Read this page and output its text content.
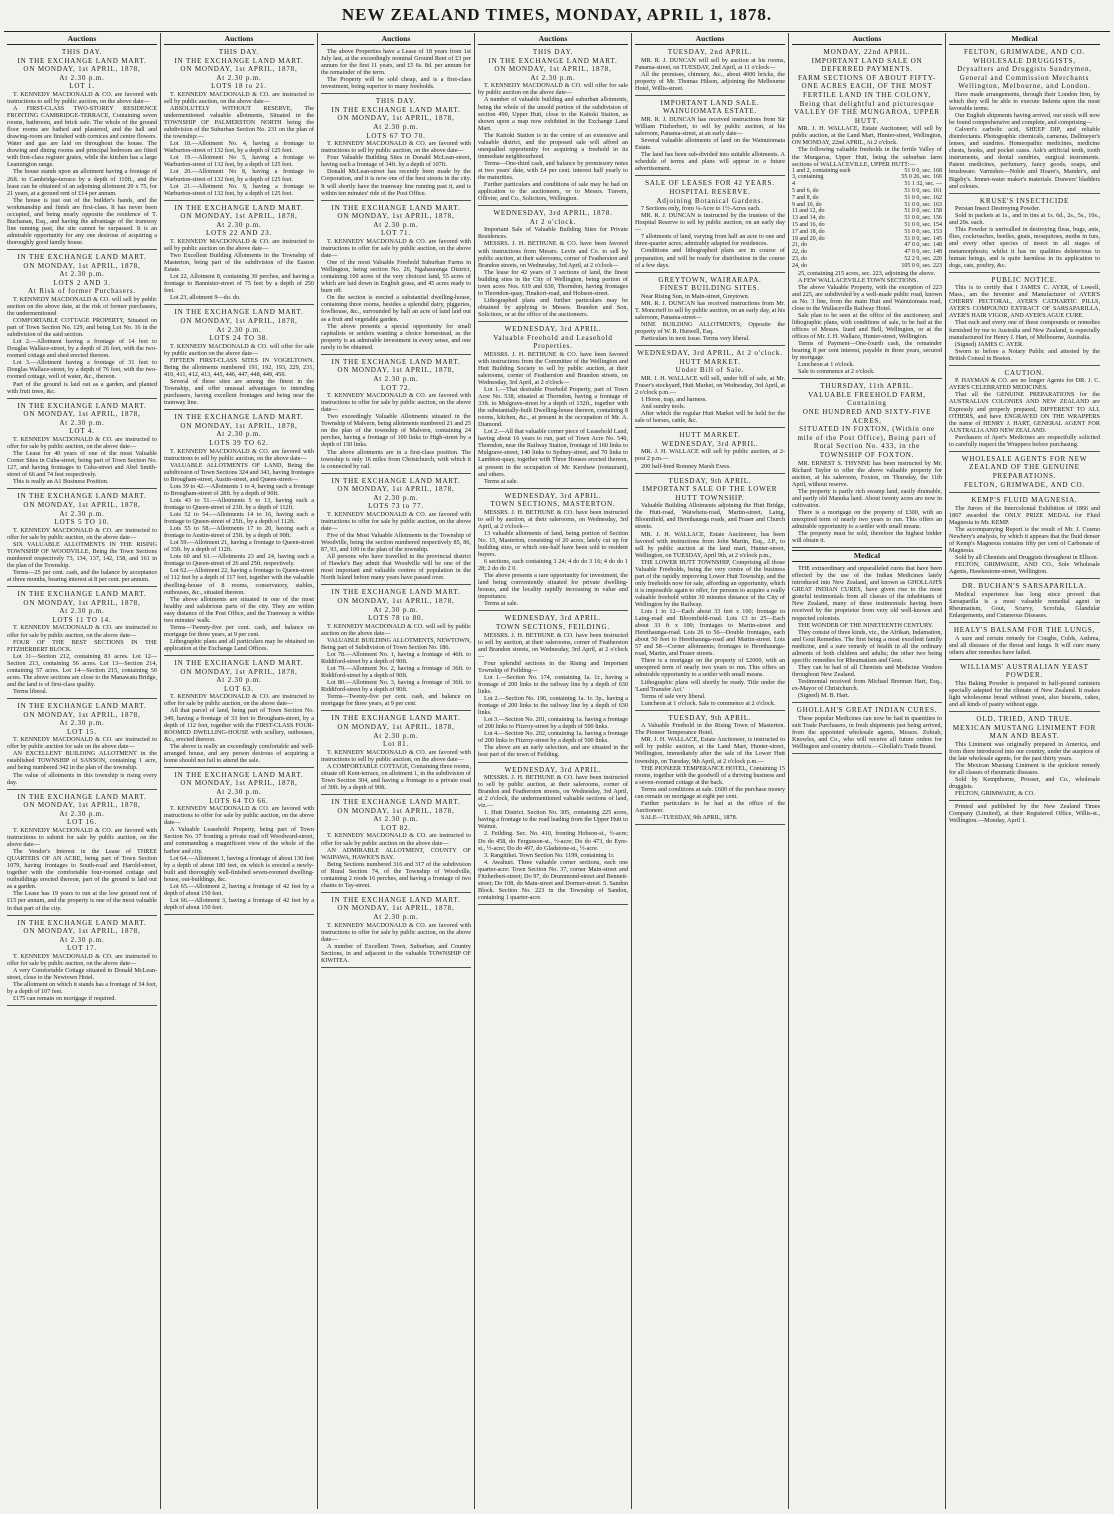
NEW ZEALAND TIMES, MONDAY, APRIL 1, 1878.
Auctions

THIS DAY.

IN THE EXCHANGE LAND MART.

ON MONDAY, 1st APRIL, 1878,

At 2.30 p.m.

LOT 1.

T. KENNEDY MACDONALD & CO. are favored with instructions to sell by public auction, on the above date—

A FIRST-CLASS TWO-STOREY RESIDENCE FRONTING CAMBRIDGE-TERRACE, Containing seven rooms, bathroom, and brick safe. The whole of the ground floor rooms are bathed and plastered, and the hall and drawing-room are finished with cornices and centre flowers. Water and gas are laid on throughout the house. The drawing and dining rooms and principal bedroom are fitted with first-class register grates, while the kitchen has a large Leamington range.

The house stands upon an allotment having a frontage of 26ft. to Cambridge-terrace by a depth of 110ft., and the lease can be obtained of an adjoining allotment 20 x 75, for 21 years, at a ground rent of £14 per annum.

The house is just out of the builder's hands, and the workmanship and finish are first-class. It has never been occupied, and being nearly opposite the residence of T. Buchanan, Esq., and having the advantage of the tramway line running past, the site cannot be surpassed. It is an admirable opportunity for any one desirous of acquiring a thoroughly good family house.

IN THE EXCHANGE LAND MART.

ON MONDAY, 1st APRIL, 1878,

At 2.30 p.m.

LOTS 2 AND 3.

At Risk of former Purchasers.

T. KENNEDY MACDONALD & CO. will sell by public auction on the above date, at the risk of former purchasers, the undermentioned

COMFORTABLE COTTAGE PROPERTY, Situated on part of Town Section No. 129, and being Lot No. 16 in the subdivision of the said section.

Lot 2.—Allotment having a frontage of 14 feet to Douglas Wallace-street, by a depth of 26 feet, with the two-roomed cottage and shed erected thereon.

Lot 3.—Allotment having a frontage of 31 feet to Douglas Wallace-street, by a depth of 76 feet, with the two-roomed cottage, well of water, &c., thereon.

Part of the ground is laid out as a garden, and planted with fruit trees, &c.

IN THE EXCHANGE LAND MART.

ON MONDAY, 1st APRIL, 1878,

At 2.30 p.m.

LOT 4.

T. KENNEDY MACDONALD & CO. are instructed to offer for sale by public auction, on the above date—

The Lease for 40 years of one of the most Valuable Corner Sites in Cuba-street, being part of Town Section No. 127, and having frontages to Cuba-street and Abel Smith-street of 66 and 74 feet respectively.

This is really an A1 Business Position.

IN THE EXCHANGE LAND MART.

ON MONDAY, 1st APRIL, 1878,

At 2.30 p.m.

LOTS 5 TO 10.

T. KENNEDY MACDONALD & CO. are instructed to offer for sale by public auction, on the above date—

SIX VALUABLE ALLOTMENTS IN THE RISING TOWNSHIP OF WOODVILLE, Being the Town Sections numbered respectively 73, 134, 137, 142, 158, and 161 in the plan of the Township.

Terms—25 per cent. cash, and the balance by acceptance at three months, bearing interest at 8 per cent. per annum.

IN THE EXCHANGE LAND MART.

ON MONDAY, 1st APRIL, 1878,

At 2.30 p.m.

LOTS 11 TO 14.

T. KENNEDY MACDONALD & CO. are instructed to offer for sale by public auction, on the above date—

FOUR OF THE BEST SECTIONS IN THE FITZHERBERT BLOCK.

Lot 11—Section 212, containing 83 acres. Lot 12—Section 213, containing 56 acres. Lot 13—Section 214, containing 57 acres. Lot 14—Section 215, containing 50 acres. The above sections are close to the Manawatu Bridge, and the land is of first-class quality.

Terms liberal.

IN THE EXCHANGE LAND MART.

ON MONDAY, 1st APRIL, 1878,

At 2.30 p.m.

LOT 15.

T. KENNEDY MACDONALD & CO. are instructed to offer by public auction for sale on the above date—

AN EXCELLENT BUILDING ALLOTMENT in the established TOWNSHIP of SANSON, containing 1 acre, and being numbered 342 in the plan of the township.

The value of allotments in this township is rising every day.

IN THE EXCHANGE LAND MART.

ON MONDAY, 1st APRIL, 1878,

At 2.30 p.m.

LOT 16.

T. KENNEDY MACDONALD & CO. are favored with instructions to submit for sale by public auction, on the above date—

The Vendor's Interest in the Lease of THREE QUARTERS OF AN ACRE, being part of Town Section 1079, having frontages to South-road and Harold-street, together with the comfortable four-roomed cottage and outbuildings erected thereon, part of the ground is laid out as a garden.

The Lease has 19 years to run at the low ground rent of £15 per annum, and the property is one of the most valuable in that part of the city.

IN THE EXCHANGE LAND MART.

ON MONDAY, 1st APRIL, 1878,

At 2.30 p.m.

LOT 17.

T. KENNEDY MACDONALD & CO. are instructed to offer for sale by public auction, on the above date—

A very Comfortable Cottage situated in Donald McLean-street, close to the Newtown Hotel.

The allotment on which it stands has a frontage of 34 feet, by a depth of 107 feet.

£175 can remain on mortgage if required.

Auctions

THIS DAY.

IN THE EXCHANGE LAND MART.

ON MONDAY, 1st APRIL, 1878,

At 2.30 p.m.

LOTS 18 to 21.

T. KENNEDY MACDONALD & CO. are instructed to sell by public auction, on the above date—

ABSOLUTELY WITHOUT RESERVE, The undermentioned valuable allotments, Situated in the TOWNSHIP OF PALMERSTON NORTH being the subdivision of the Suburban Section No. 231 on the plan of the township:—

Lot 18.—Allotment No. 4, having a frontage to Warburton-street of 132 feet, by a depth of 125 feet.

Lot 19.—Allotment No 5, having a frontage to Warburton-street of 132 feet, by a depth of 125 feet.

Lot 20.—Allotment No 8, having a frontage to Warburton-street of 132 feet, by a depth of 125 feet.

Lot 21.—Allotment No. 9, having a frontage to Warburton-street of 132 feet, by a depth of 125 feet.

IN THE EXCHANGE LAND MART.

ON MONDAY, 1st APRIL, 1878,

At 2.30 p.m.

LOTS 22 AND 23.

T. KENNEDY MACDONALD & CO. are instructed to sell by public auction on the above date—

Two Excellent Building Allotments in the Township of Masterton, being part of the subdivision of the Easton Estate.

Lot 22, Allotment 8, containing 30 perches, and having a frontage to Bannister-street of 75 feet by a depth of 250 feet.

Lot 23, allotment 9—do. do.

IN THE EXCHANGE LAND MART.

ON MONDAY, 1st APRIL, 1878,

At 2.30 p.m.

LOTS 24 TO 38.

T. KENNEDY MACDONALD & CO. will offer for sale by public auction on the above date—

FIFTEEN FIRST-CLASS SITES IN VOGELTOWN. Being the allotments numbered 191, 192, 193, 229, 231, 410, 411, 412, 413, 445, 446, 447, 448, 449, 450.

Several of these sites are among the finest in the Township, and offer unusual advantages to intending purchasers, having excellent frontages and being near the tramway line.

IN THE EXCHANGE LAND MART.

ON MONDAY, 1st APRIL, 1878,

At 2.30 p.m.

LOTS 39 TO 62.

T. KENNEDY MACDONALD & CO. are favored with instructions to sell by public auction, on the above date—

VALUABLE ALLOTMENTS OF LAND, Being the subdivision of Town Sections 324 and 343, having frontages to Brougham-street, Austin-street, and Queen-street—

Lots 39 to 42.—Allotments 1 to 4, having each a frontage to Brougham-street of 28ft. by a depth of 90ft.

Lots 43 to 51.—Allotments 5 to 13, having each a frontage to Queen-street of 23ft. by a depth of 112ft.

Lots 52 to 54.—Allotments 14 to 16, having each a frontage to Queen-street of 25ft., by a depth of 112ft.

Lots 55 to 58.—Allotments 17 to 20, having each a frontage to Austin-street of 25ft. by a depth of 90ft.

Lot 59.—Allotment 21, having a frontage to Queen-street of 33ft. by a depth of 112ft.

Lots 60 and 61.—Allotments 23 and 24, having each a frontage to Queen-street of 26 and 25ft. respectively.

Lot 62.—Allotment 22, having a frontage to Queen-street of 112 feet by a depth of 117 feet, together with the valuable dwelling-house of 8 rooms, conservatory, stables, outhouses, &c., situated thereon.

The above allotments are situated in one of the most healthy and salubrious parts of the city. They are within easy distance of the Post Office, and the Tramway is within two minutes' walk.

Terms—Twenty-five per cent. cash, and balance on mortgage for three years, at 9 per cent.

Lithographic plans and all particulars may be obtained on application at the Exchange Land Offices.

IN THE EXCHANGE LAND MART.

ON MONDAY, 1st APRIL, 1878,

At 2.30 p.m.

LOT 63.

T. KENNEDY MACDONALD & CO. are instructed to offer for sale by public auction, on the above date—

All that parcel of land, being part of Town Section No. 349, having a frontage of 33 feet to Brougham-street, by a depth of 112 feet, together with the FIRST-CLASS FOUR-ROOMED DWELLING-HOUSE with scullery, outhouses, &c., erected thereon.

The above is really an exceedingly comfortable and well-arranged house, and any person desirous of acquiring a home should not fail to attend the sale.

IN THE EXCHANGE LAND MART.

ON MONDAY, 1st APRIL, 1878,

At 2.30 p.m.

LOTS 64 TO 66.

T. KENNEDY MACDONALD & CO. are favored with instructions to offer for sale by public auction, on the above date—

A Valuable Leasehold Property, being part of Town Section No. 37 fronting a private road off Woodward-street, and commanding a magnificent view of the whole of the harbor and city.

Lot 64.—Allotment 1, having a frontage of about 130 feet by a depth of about 180 feet, on which is erected a newly-built and thoroughly well-finished seven-roomed dwelling-house, out-buildings, &c.

Lot 65.—Allotment 2, having a frontage of 42 feet by a depth of about 150 feet.

Lot 66.—Allotment 3, having a frontage of 42 feet by a depth of about 150 feet.

Auctions

The above Properties have a Lease of 18 years from 1st July last, at the exceedingly nominal Ground Rent of £3 per annum for the first 11 years, and £5 6s. 8d. per annum for the remainder of the term.

The Property will be sold cheap, and is a first-class investment, being superior to many freeholds.

THIS DAY.

IN THE EXCHANGE LAND MART.

ON MONDAY, 1st APRIL, 1878,

At 2.30 p.m.

LOTS 67 TO 70.

T. KENNEDY MACDONALD & CO. are favored with instructions to sell by public auction, on the above date—

Four Valuable Building Sites in Donald McLean-street, having each a frontage of 34ft. by a depth of 107ft.

Donald McLean-street has recently been made by the Corporation, and it is now one of the best streets in the city. It will shortly have the tramway line running past it, and is within ten minutes' ride of the Post Office.

IN THE EXCHANGE LAND MART.

ON MONDAY, 1st APRIL, 1878,

At 2.30 p.m.

LOT 71.

T. KENNEDY MACDONALD & CO. are favored with instructions to offer for sale by public auction, on the above date—

One of the most Valuable Freehold Suburban Farms in Wellington, being section No. 26, Ngahauranga District, containing 100 acres of the very choicest land, 55 acres of which are laid down in English grass, and 45 acres ready to burn off.

On the section is erected a substantial dwelling-house, containing three rooms, besides a splendid dairy, piggeries, fowlhouse, &c., surrounded by half an acre of land laid out as a fruit and vegetable garden.

The above presents a special opportunity for small capitalists or settlers wanting a choice homestead, as the property is an admirable investment in every sense, and one rarely to be obtained.

IN THE EXCHANGE LAND MART.

ON MONDAY, 1st APRIL, 1878,

At 2.30 p.m.

LOT 72.

T. KENNEDY MACDONALD & CO. are favored with instructions to offer for sale by public auction, on the above date—

Two exceedingly Valuable Allotments situated in the Township of Malvern, being allotments numbered 21 and 25 on the plan of the township of Malvern, containing 24 perches, having a frontage of 100 links to High-street by a depth of 150 links.

The above allotments are in a first-class position. The township is only 16 miles from Christchurch, with which it is connected by rail.

IN THE EXCHANGE LAND MART.

ON MONDAY, 1st APRIL, 1878,

At 2.30 p.m.

LOTS 73 to 77.

T. KENNEDY MACDONALD & CO. are favored with instructions to offer for sale by public auction, on the above date—

Five of the Most Valuable Allotments in the Township of Woodville, being the section numbered respectively 85, 86, 87, 93, and 100 in the plan of the township.

All persons who have travelled in the provincial district of Hawke's Bay admit that Woodville will be one of the most important and valuable centres of population in the North Island before many years have passed over.

IN THE EXCHANGE LAND MART.

ON MONDAY, 1st APRIL, 1878,

At 2.30 p.m.

LOTS 78 to 80.

T. KENNEDY MACDONALD & CO. will sell by public auction on the above date—

VALUABLE BUILDING ALLOTMENTS, NEWTOWN, Being part of Subdivision of Town Section No. 186.

Lot 78.—Allotment No. 1, having a frontage of 46ft. to Riddiford-street by a depth of 90ft.

Lot 79.—Allotment No. 2, having a frontage of 36ft. to Riddiford-street by a depth of 90ft.

Lot 80.—Allotment No. 3, having a frontage of 36ft. to Riddiford-street by a depth of 90ft.

Terms—Twenty-five per cent. cash, and balance on mortgage for three years, at 9 per cent.

IN THE EXCHANGE LAND MART.

ON MONDAY, 1st APRIL, 1878,

At 2.30 p.m.

Lot 81.

T. KENNEDY MACDONALD & CO. are favored with instructions to sell by public auction, on the above date—

A COMFORTABLE COTTAGE, Containing three rooms, situate off Kent-terrace, on allotment 1, in the subdivision of Town Section 304, and having a frontage to a private road of 30ft. by a depth of 90ft.

IN THE EXCHANGE LAND MART.

ON MONDAY, 1st APRIL, 1878,

At 2.30 p.m.

LOT 82.

T. KENNEDY MACDONALD & CO. are instructed to offer for sale by public auction on the above date—

AN ADMIRABLE ALLOTMENT, COUNTY OF WAIPAWA, HAWKE'S BAY.

Being Sections numbered 316 and 317 of the subdivision of Rural Section 74, of the Township of Woodville, containing 2 roods 16 perches, and having a frontage of two chains to Tay-street.

IN THE EXCHANGE LAND MART.

ON MONDAY, 1st APRIL, 1878,

At 2.30 p.m.

T. KENNEDY MACDONALD & CO. are favored with instructions to offer for sale by public auction, on the above date—

A number of Excellent Town, Suburban, and Country Sections, in and adjacent to the valuable TOWNSHIP OF KIWITEA.

Auctions

THIS DAY.

IN THE EXCHANGE LAND MART.

ON MONDAY, 1st APRIL, 1878,

At 2.30 p.m.

T. KENNEDY MACDONALD & CO. will offer for sale by public auction on the above date—

A number of valuable building and suburban allotments, being the whole of the unsold portion of the subdivision of section 490, Upper Hutt, close to the Kaitoki Station, as shown upon a map now exhibited in the Exchange Land Mart.

The Kaitoki Station is in the centre of an extensive and valuable district, and the proposed sale will afford an unequalled opportunity for acquiring a freehold in its immediate neighbourhood.

Terms—One-third cash, and balance by promissory notes at two years' date, with £4 per cent. interest half yearly to the maturities.

Further particulars and conditions of sale may be had on application to the auctioneers, or to Messrs. Travers, Ollivier, and Co., Solicitors, Wellington.

WEDNESDAY, 3rd APRIL, 1878.

At 2 o'clock.

Important Sale of Valuable Building Sites for Private Residences.

MESSRS. J. H. BETHUNE & CO. have been favored with instructions from Messrs. Levin and Co. to sell by public auction, at their salerooms, corner of Featherston and Brandon streets, on Wednesday, 3rd April, at 2 o'clock—

The lease for 42 years of 3 sections of land, the finest building sites in the City of Wellington, being portion of town acres Nos. 619 and 630, Thorndon, having frontages to Thorndon-quay, Tinakori-road, and Hobson-street.

Lithographed plans and further particulars may be obtained by applying to Messrs. Brandon and Son, Solicitors, or at the office of the auctioneers.

WEDNESDAY, 3rd APRIL.

Valuable Freehold and Leasehold Properties.

MESSRS. J. H. BETHUNE & CO. have been favored with instructions from the Committee of the Wellington and Hutt Building Society to sell by public auction, at their salerooms, corner of Featherston and Brandon streets, on Wednesday, 3rd April, at 2 o'clock—

Lot 1.—That desirable Freehold Property, part of Town Acre No. 538, situated at Thorndon, having a frontage of 33ft. to Mulgrave-street by a depth of 132ft., together with the substantially-built Dwelling-house thereon, containing 8 rooms, kitchen, &c., at present in the occupation of Mr. A. Diamond.

Lot 2.—All that valuable corner piece of Leasehold Land, having about 16 years to run, part of Town Acre No. 540, Thorndon, near the Railway Station, frontage of 160 links to Mulgrave-street, 140 links to Sydney-street, and 70 links to Lambton-quay, together with Three Houses erected thereon, at present in the occupation of Mr. Kershaw (restaurant), and others.

Terms at sale.

WEDNESDAY, 3rd APRIL.

TOWN SECTIONS, MASTERTON.

MESSRS. J. H. BETHUNE & CO. have been instructed to sell by auction, at their salerooms, on Wednesday, 3rd April, at 2 o'clock—

13 valuable allotments of land, being portion of Section No. 15, Masterton, consisting of 20 acres, lately cut up for building sites, or which one-half have been sold to resident buyers.

6 sections, each containing 3 24; 4 do do 3 16; 4 do do 1 28; 2 do do 2 0.

The above presents a rare opportunity for investment, the land being conveniently situated for private dwelling-houses, and the locality rapidly increasing in value and importance.

Terms at sale.

WEDNESDAY, 3rd APRIL.

TOWN SECTIONS, FEILDING.

MESSRS. J. H. BETHUNE & CO. have been instructed to sell by auction, at their salerooms, corner of Featherston and Brandon streets, on Wednesday, 3rd April, at 2 o'clock—

Four splendid sections in the Rising and Important Township of Feilding—

Lot 1.—Section No. 174, containing 1a. 1r., having a frontage of 200 links to the railway line by a depth of 630 links.

Lot 2.—Section No. 196, containing 1a. 1r. 3p., having a frontage of 200 links to the railway line by a depth of 630 links.

Lot 3.—Section No. 201, containing 1a. having a frontage of 200 links to Fitzroy-street by a depth of 500 links.

Lot 4.—Section No. 202, containing 1a. having a frontage of 200 links to Fitzroy-street by a depth of 500 links.

The above are an early selection, and are situated in the best part of the town of Feilding.

WEDNESDAY, 3rd APRIL.

MESSRS. J. H. BETHUNE & CO. have been instructed to sell by public auction, at their salerooms, corner of Brandon and Featherston streets, on Wednesday, 3rd April, at 2 o'clock, the undermentioned valuable sections of land, viz.—

1. Hutt District. Section No. 305, containing 225 acres, having a frontage to the road leading from the Upper Hutt to Wainui.

2. Feilding. Sec. No. 410, fronting Hobson-st., ½-acre; Do do 458, do Fergusson-st., ½-acre; Do do 473, do Eyre-st., ½-acre; Do do 497, do Gladstone-st., ½-acre.

3. Rangitikei. Town Section No. 1199, containing 1r.

4. Awahuri. Three valuable corner sections, each one quarter-acre: Town Section No. 37, corner Main-street and Fitzherbert-street; Do 97, do Drummond-street and Bennett-street; Do 108, do Main-street and Dormer-street. 5. Sandon Block. Section No. 223 in the Township of Sandon, containing 1 quarter-acre.

Auctions

TUESDAY, 2nd APRIL.

MR. R. J. DUNCAN will sell by auction at his rooms, Panama-street, on TUESDAY, 2nd April, at 11 o'clock—

All the premises, chimney, &c., about 4000 bricks, the property of Mr. Thomas Hilson, adjoining the Melbourne Hotel, Willis-street.

IMPORTANT LAND SALE.

WAINUIOMATA ESTATE.

MR. R. J. DUNCAN has received instructions from Sir William Fitzherbert, to sell by public auction, at his saleroom, Panama-street, at an early date—

Several valuable allotments of land on the Wainuiomata Estate.

The land has been sub-divided into suitable allotments. A schedule of terms and plans will appear in a future advertisement.

SALE OF LEASES FOR 42 YEARS.

HOSPITAL RESERVE.

Adjoining Botanical Gardens.

7 Sections only, from ¼-Acre to 1½-Acres each.

MR. R. J. DUNCAN is instructed by the trustees of the Hospital Reserve to sell by public auction, on an early day—

7 allotments of land, varying from half an acre to one and three-quarter acres; admirably adapted for residences.

Conditions and lithographed plans are in course of preparation, and will be ready for distribution in the course of a few days.

GREYTOWN, WAIRARAPA.

FINEST BUILDING SITES.

Near Rising Sun, in Main-street, Greytown.

MR. R. J. DUNCAN has received instructions from Mr. T. Moncrieff to sell by public auction, on an early day, at his saleroom, Panama-street—

NINE BUILDING ALLOTMENTS, Opposite the property of W. R. Hutwell, Esq.

Particulars in next issue. Terms very liberal.

WEDNESDAY, 3rd APRIL, At 2 o'clock.

HUTT MARKET.

Under Bill of Sale.

MR. J. H. WALLACE will sell, under bill of sale, at Mr. Fraser's stockyard, Hutt Market, on Wednesday, 3rd April, at 2 o'clock p.m.—

1 Horse, trap, and harness.

And sundry tools.

After which the regular Hutt Market will be held for the sale of horses, cattle, &c.

HUTT MARKET.

WEDNESDAY, 3rd APRIL.

MR. J. H. WALLACE will sell by public auction, at 2-post 2 p.m.—

200 half-bred Romney Marsh Ewes.

TUESDAY, 9th APRIL.

IMPORTANT SALE OF THE LOWER HUTT TOWNSHIP.

Valuable Building Allotments adjoining the Hutt Bridge, the Hutt-road, Waiwhetu-road, Martin-street, Laing, Bloomfield, and Herethaunga roads, and Fraser and Church streets.

MR. J. H. WALLACE, Estate Auctioneer, has been favored with instructions from John Martin, Esq., J.P., to sell by public auction at the land mart, Hunter-street, Wellington, on TUESDAY, April 9th, at 2 o'clock p.m.,

THE LOWER HUTT TOWNSHIP, Comprising all those Valuable Freeholds, being the very centre of the business part of the rapidly improving Lower Hutt Township, and the only freeholds now for sale, affording an opportunity, which it is impossible again to offer, for persons to acquire a really valuable freehold within 30 minutes distance of the City of Wellington by the Railway.

Lots 1 to 12—Each about 33 feet x 100; frontage to Laing-road and Bloomfield-road. Lots 13 to 25—Each about 33 ft x 100; frontages to Martin-street and Herethaunga-road. Lots 26 to 56—Double frontages, each about 50 feet to Herethaunga-road and Martin-street. Lots 57 and 58—Corner allotments; frontages to Herethaunga-road, Martin, and Fraser streets.

There is a mortgage on the property of £2000, with an unexpired term of nearly two years to run. This offers an admirable opportunity to a settler with small means.

Lithographic plans will shortly be ready. Title under the 'Land Transfer Act.'

Terms of sale very liberal.

Luncheon at 1 o'clock. Sale to commence at 2 o'clock.

TUESDAY, 9th APRIL.

A Valuable Freehold in the Rising Town of Masterton. The Pioneer Temperance Hotel.

MR. J. H. WALLACE, Estate Auctioneer, is instructed to sell by public auction, at the Land Mart, Hunter-street, Wellington, immediately after the sale of the Lower Hutt township, on Tuesday, 9th April, at 2 o'clock p.m.—

THE PIONEER TEMPERANCE HOTEL, Containing 15 rooms, together with the goodwill of a thriving business and a seven-roomed cottage at the back.

Terms and conditions at sale. £600 of the purchase money can remain on mortgage at eight per cent.

Further particulars to be had at the office of the Auctioneer.

SALE—TUESDAY, 9th APRIL, 1878.

Auctions

MONDAY, 22nd APRIL.

IMPORTANT LAND SALE ON DEFERRED PAYMENTS.

FARM SECTIONS OF ABOUT FIFTY-ONE ACRES EACH, OF THE MOST FERTILE LAND IN THE COLONY,

Being that delightful and picturesque VALLEY OF THE MUNGAROA, UPPER HUTT.

MR. J. H. WALLACE, Estate Auctioneer, will sell by public auction, at the Land Mart, Hunter-street, Wellington, ON MONDAY, 22nd APRIL, At 2 o'clock.

The following valuable freeholds in the fertile Valley of the Mungaroa, Upper Hutt, being the suburban farm sections of WALLACEVILLE, UPPER HUTT:—

1 and 2, containing each	51 0 0, sec. 168
3, containing	55 0 26, sec. 166
4	51 1 32, sec. —
5 and 6, do	51 0 0, sec. 161
7 and 8, do	51 0 0, sec. 162
9 and 10, do	51 0 0, sec. 163
11 and 12, do	51 0 0, sec. 158
13 and 14, do	51 0 0, sec. 156
15 and 16, do	51 0 0, sec. 154
17 and 18, do	51 0 0, sec. 153
19 and 20, do	51 0 0, sec. 145
21, do	47 0 0, sec. 148
22, do	47 0 0, sec. 148
23, do	52 2 0, sec. 220
24, do	105 0 0, sec. 223

25, containing 215 acres, sec. 223, adjoining the above.

A FEW WALLACEVILLE TOWN SECTIONS.

The above Valuable Property, with the exception of 223 and 225, are subdivided by a well-made public road, known as No. 3 line, from the main Hutt and Wainuiomata road, close to the Wallaceville Railway Hotel.

Sale plan to be seen at the office of the auctioneer, and lithographic plans, with conditions of sale, to be had at the offices of Messrs. Izard and Bell, Wellington, or at the offices of Mr. J. H. Wallace, Hunter-street, Wellington.

Terms of Payment—One-fourth cash, the remainder bearing 8 per cent interest, payable in three years, secured by mortgage.

Luncheon at 1 o'clock.

Sale to commence at 2 o'clock.

THURSDAY, 11th APRIL.

VALUABLE FREEHOLD FARM, Containing

ONE HUNDRED AND SIXTY-FIVE ACRES,

SITUATED IN FOXTON, (Within one mile of the Post Office), Being part of Rural Section No. 433, in the TOWNSHIP OF FOXTON.

MR. ERNEST S. THYNNE has been instructed by Mr. Richard Taylor to offer the above valuable property for auction, at his saleroom, Foxton, on Thursday, the 11th April, without reserve.

The property is partly rich swamp land, easily drainable, and partly old Manuka land. About twenty acres are now in cultivation.

There is a mortgage on the property of £300, with an unexpired term of nearly two years to run. This offers an admirable opportunity to a settler with small means.

The property must be sold, therefore the highest bidder will obtain it.

Medical

THE extraordinary and unparalleled cures that have been effected by the use of the Indian Medicines lately introduced into New Zealand, and known as GHOLLAH'S GREAT INDIAN CURES, have given rise to the most grateful testimonials from all classes of the inhabitants of New Zealand, many of these testimonials having been received by the proprietor from very old well-known and respected colonists.

THE WONDER OF THE NINETEENTH CENTURY.

They consist of three kinds, viz., the Afrikan, Indamation, and Gout Remedies. The first being a most excellent family medicine, and a sure remedy of health in all the ordinary ailments of both children and adults; the other two being specific remedies for Rheumatism and Gout.

They can be had of all Chemists and Medicine Vendors throughout New Zealand.

Testimonial received from Michael Brennan Hart, Esq., ex-Mayor of Christchurch.

(Signed) M. B. Hart.

GHOLLAH'S GREAT INDIAN CURES.

These popular Medicines can now be had in quantities to suit Trade Purchasers, in fresh shipments just being arrived, from the appointed wholesale agents, Messrs. Zohrab, Knowles, and Co., who will receive all future orders for Wellington and country districts.—Ghollah's Trade Brand.

Medical

FELTON, GRIMWADE, AND CO.

WHOLESALE DRUGGISTS,

Drysalters and Druggists Sundrymen,

General and Commission Merchants

Wellington, Melbourne, and London.

Have made arrangements, through their London firm, by which they will be able to execute Indents upon the most favorable terms.

Our English shipments having arrived, our stock will now be found comprehensive and complete, and comprising—

Calvert's carbolic acid, SHEEP DIP, and reliable disinfectants. Photographic chemicals, cameras, Dallmeyer's lenses, and sundries. Homeopathic medicines, medicine chests, books, and pocket cases. Ash's artificial teeth, tooth instruments, and dental sundries, surgical instruments. Patent medicines, perfumery, fancy goods, soaps, and brushware. Varnishes—Noble and Hoare's, Mander's, and Bigsby's. Jennet-water maker's materials. Drawers' bladders and colours.

KRUSE'S INSECTICIDE

Persian Insect Destroying Powder.

Sold in packets at 1s., and in tins at 1s. 6d., 2s., 5s., 10s., and 20s. each.

This Powder is unrivalled in destroying fleas, bugs, ants, flies, cockroaches, beetles, gnats, mosquitoes, moths in furs, and every other species of insect in all stages of metamorphosis; whilst it has no qualities deleterious to human beings, and is quite harmless in its application to dogs, cats, poultry, &c.

PUBLIC NOTICE.

This is to certify that I JAMES C. AYER, of Lowell, Mass., am the Inventor and Manufacturer of AYER'S CHERRY PECTORAL, AYER'S CATHARTIC PILLS, AYER'S COMPOUND EXTRACT OF SARSAPARILLA, AYER'S HAIR VIGOR, AND AYER'S AGUE CURE.

That each and every one of these compounds or remedies furnished by me to Australia and New Zealand, is especially manufactured for Henry J. Hart, of Melbourne, Australia.

(Signed) JAMES C. AYER.

Sworn to before a Notary Public and attested by the British Consul in Boston.

CAUTION.

P. HAYMAN & CO. are no longer Agents for DR. J. C. AYER'S CELEBRATED MEDICINES.

That all the GENUINE PREPARATIONS for the AUSTRALIAN COLONIES AND NEW ZEALAND are Expressly and properly prepared, DIFFERENT TO ALL OTHERS, and have ENGRAVED ON THE WRAPPERS the name of HENRY J. HART, GENERAL AGENT FOR AUSTRALIA AND NEW ZEALAND.

Purchasers of Ayer's Medicines are respectfully solicited to carefully inspect the Wrappers before purchasing.

WHOLESALE AGENTS FOR NEW ZEALAND OF THE GENUINE PREPARATIONS.

FELTON, GRIMWADE, AND CO.

KEMP'S FLUID MAGNESIA.

The Jurors of the Intercolonial Exhibition of 1866 and 1867 awarded the ONLY PRIZE MEDAL for Fluid Magnesia to Mr. KEMP.

The accompanying Report is the result of Mr. J. Cosmo Newbery's analysis, by which it appears that the fluid denser of Kemp's Magnesia contains fifty per cent of Carbonate of Magnesia.

Sold by all Chemists and Druggists throughout in Ellison.

FELTON, GRIMWADE, AND CO., Sole Wholesale Agents, Hawkestone-street, Wellington.

DR. BUCHAN'S SARSAPARILLA.

Medical experience has long since proved that Sarsaparilla is a most valuable remedial agent in Rheumatism, Gout, Scurvy, Scrofula, Glandular Enlargements, and Cutaneous Diseases.

HEALY'S BALSAM FOR THE LUNGS,

A sure and certain remedy for Coughs, Colds, Asthma, and all diseases of the throat and lungs. It will cure many others after remedies have failed.

WILLIAMS' AUSTRALIAN YEAST POWDER.

This Baking Powder is prepared in half-pound canisters specially adapted for the climate of New Zealand. It makes light wholesome bread without yeast, also biscuits, cakes, and all kinds of pastry without eggs.

OLD, TRIED, AND TRUE.

MEXICAN MUSTANG LINIMENT FOR MAN AND BEAST.

This Liniment was originally prepared in America, and from there introduced into our country, under the auspices of the late wholesale agents, for the past thirty years.

The Mexican Mustang Liniment is the quickest remedy for all classes of rheumatic diseases.

Sold by Kempthorne, Prosser, and Co., wholesale druggists.

FELTON, GRIMWADE, & CO.

Printed and published by the New Zealand Times Company (Limited), at their Registered Office, Willis-st., Wellington.—Monday, April 1.
